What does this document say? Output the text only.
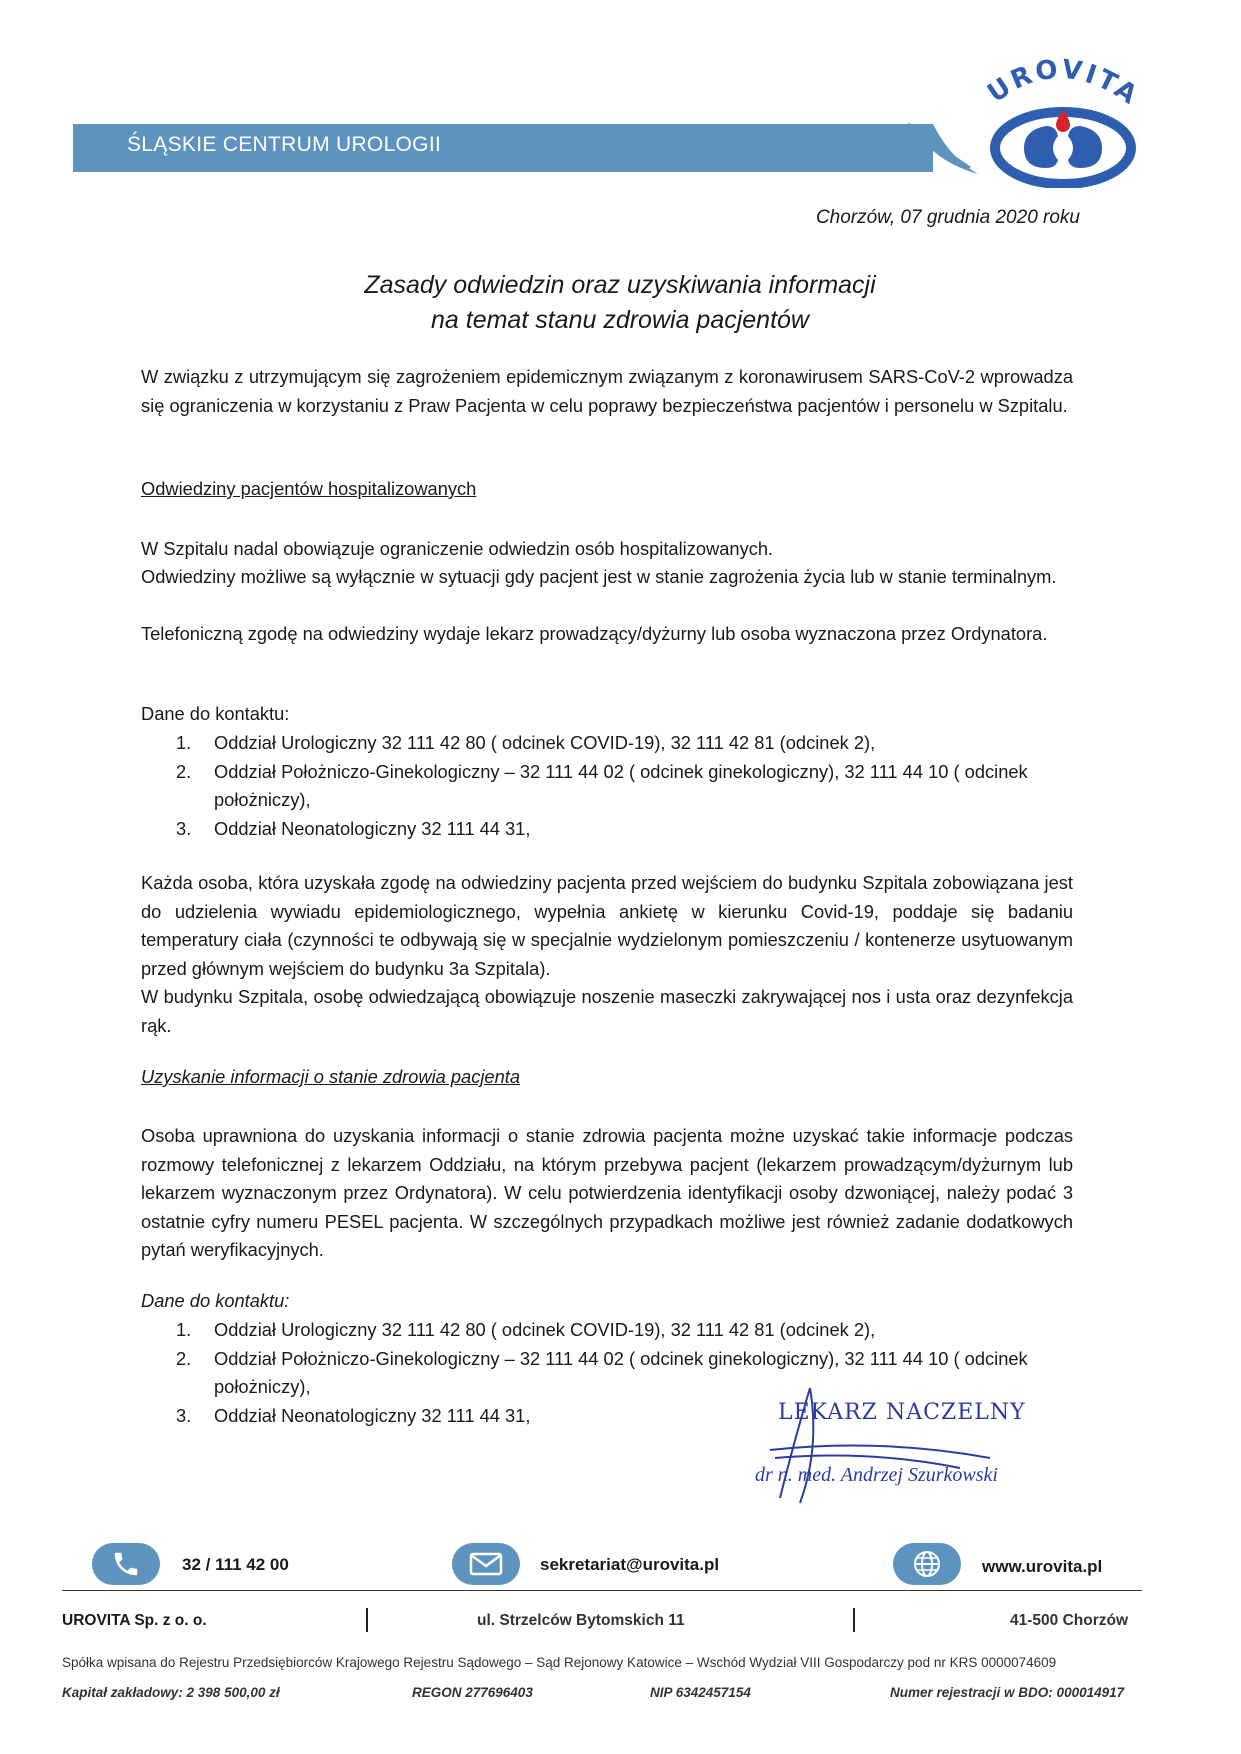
ŚLĄSKIE CENTRUM UROLOGII
UROVITA
Chorzów, 07 grudnia 2020 roku
Zasady odwiedzin oraz uzyskiwania informacji
na temat stanu zdrowia pacjentów
W związku z utrzymującym się zagrożeniem epidemicznym związanym z koronawirusem SARS-CoV-2 wprowadza się ograniczenia w korzystaniu z Praw Pacjenta w celu poprawy bezpieczeństwa pacjentów i personelu w Szpitalu.
Odwiedziny pacjentów hospitalizowanych
W Szpitalu nadal obowiązuje ograniczenie odwiedzin osób hospitalizowanych.
Odwiedziny możliwe są wyłącznie w sytuacji gdy pacjent jest w stanie zagrożenia życia lub w stanie terminalnym.
Telefoniczną zgodę na odwiedziny wydaje lekarz prowadzący/dyżurny lub osoba wyznaczona przez Ordynatora.
Dane do kontaktu:
1. Oddział Urologiczny 32 111 42 80 ( odcinek COVID-19), 32 111 42 81 (odcinek 2),
2. Oddział Położniczo-Ginekologiczny – 32 111 44 02 ( odcinek ginekologiczny), 32 111 44 10 ( odcinek położniczy),
3. Oddział Neonatologiczny 32 111 44 31,
Każda osoba, która uzyskała zgodę na odwiedziny pacjenta przed wejściem do budynku Szpitala zobowiązana jest do udzielenia wywiadu epidemiologicznego, wypełnia ankietę w kierunku Covid-19, poddaje się badaniu temperatury ciała (czynności te odbywają się w specjalnie wydzielonym pomieszczeniu / kontenerze usytuowanym przed głównym wejściem do budynku 3a Szpitala).
W budynku Szpitala, osobę odwiedzającą obowiązuje noszenie maseczki zakrywającej nos i usta oraz dezynfekcja rąk.
Uzyskanie informacji o stanie zdrowia pacjenta
Osoba uprawniona do uzyskania informacji o stanie zdrowia pacjenta możne uzyskać takie informacje podczas rozmowy telefonicznej z lekarzem Oddziału, na którym przebywa pacjent (lekarzem prowadzącym/dyżurnym lub lekarzem wyznaczonym przez Ordynatora). W celu potwierdzenia identyfikacji osoby dzwoniącej, należy podać 3 ostatnie cyfry numeru PESEL pacjenta. W szczególnych przypadkach możliwe jest również zadanie dodatkowych pytań weryfikacyjnych.
Dane do kontaktu:
1. Oddział Urologiczny 32 111 42 80 ( odcinek COVID-19), 32 111 42 81 (odcinek 2),
2. Oddział Położniczo-Ginekologiczny – 32 111 44 02 ( odcinek ginekologiczny), 32 111 44 10 ( odcinek położniczy),
3. Oddział Neonatologiczny 32 111 44 31,	LEKARZ NACZELNY
dr n. med. Andrzej Szurkowski
32 / 111 42 00	sekretariat@urovita.pl	www.urovita.pl
UROVITA Sp. z o. o.	ul. Strzelców Bytomskich 11	41-500 Chorzów
Spółka wpisana do Rejestru Przedsiębiorców Krajowego Rejestru Sądowego – Sąd Rejonowy Katowice – Wschód Wydział VIII Gospodarczy pod nr KRS 0000074609
Kapitał zakładowy: 2 398 500,00 zł	REGON 277696403	NIP 6342457154	Numer rejestracji w BDO: 000014917
